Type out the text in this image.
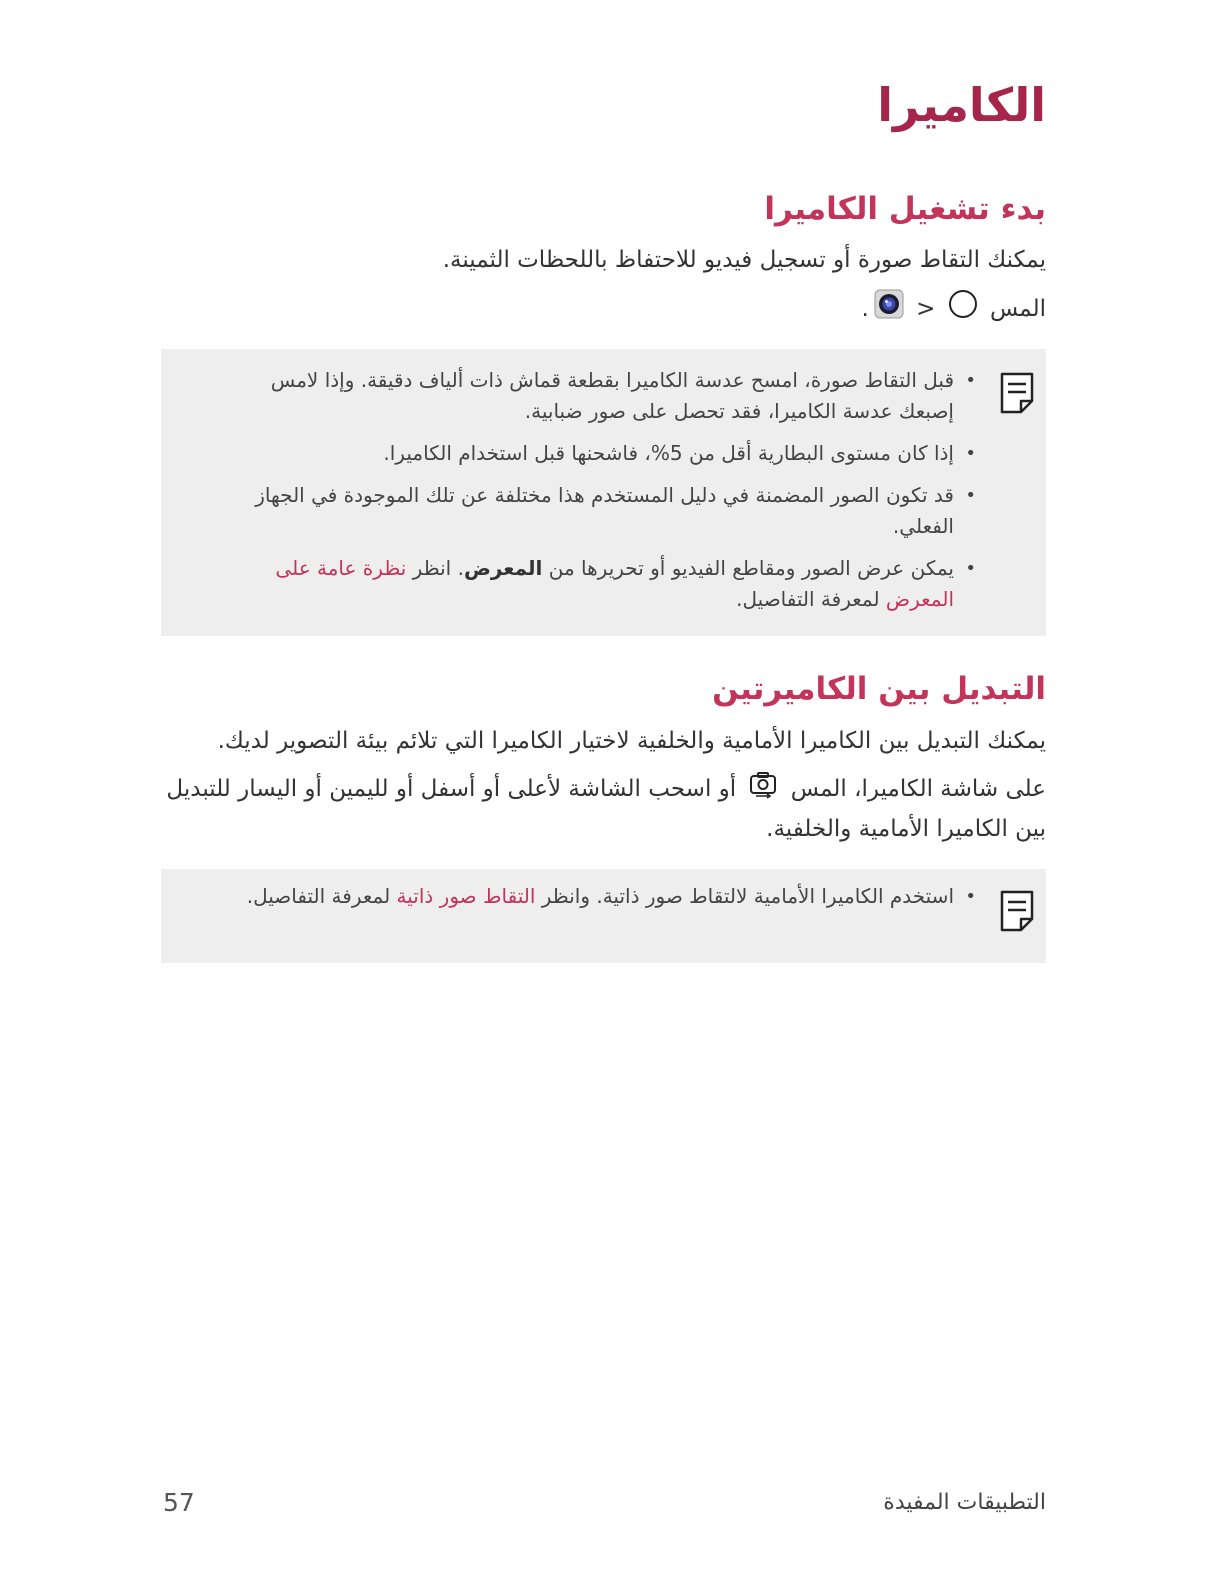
الكاميرا
بدء تشغيل الكاميرا

يمكنك التقاط صورة أو تسجيل فيديو للاحتفاظ باللحظات الثمينة.

المس  < .

•
قبل التقاط صورة، امسح عدسة الكاميرا بقطعة قماش ذات ألياف دقيقة. وإذا لامس إصبعك عدسة الكاميرا، فقد تحصل على صور ضبابية.
•
إذا كان مستوى البطارية أقل من 5%، فاشحنها قبل استخدام الكاميرا.
•
قد تكون الصور المضمنة في دليل المستخدم هذا مختلفة عن تلك الموجودة في الجهاز الفعلي.
•
يمكن عرض الصور ومقاطع الفيديو أو تحريرها من المعرض. انظر نظرة عامة على المعرض لمعرفة التفاصيل.
التبديل بين الكاميرتين

يمكنك التبديل بين الكاميرا الأمامية والخلفية لاختيار الكاميرا التي تلائم بيئة التصوير لديك.

على شاشة الكاميرا، المس  أو اسحب الشاشة لأعلى أو أسفل أو لليمين أو اليسار للتبديل بين الكاميرا الأمامية والخلفية.

•
استخدم الكاميرا الأمامية لالتقاط صور ذاتية. وانظر التقاط صور ذاتية لمعرفة التفاصيل.
57	التطبيقات المفيدة
